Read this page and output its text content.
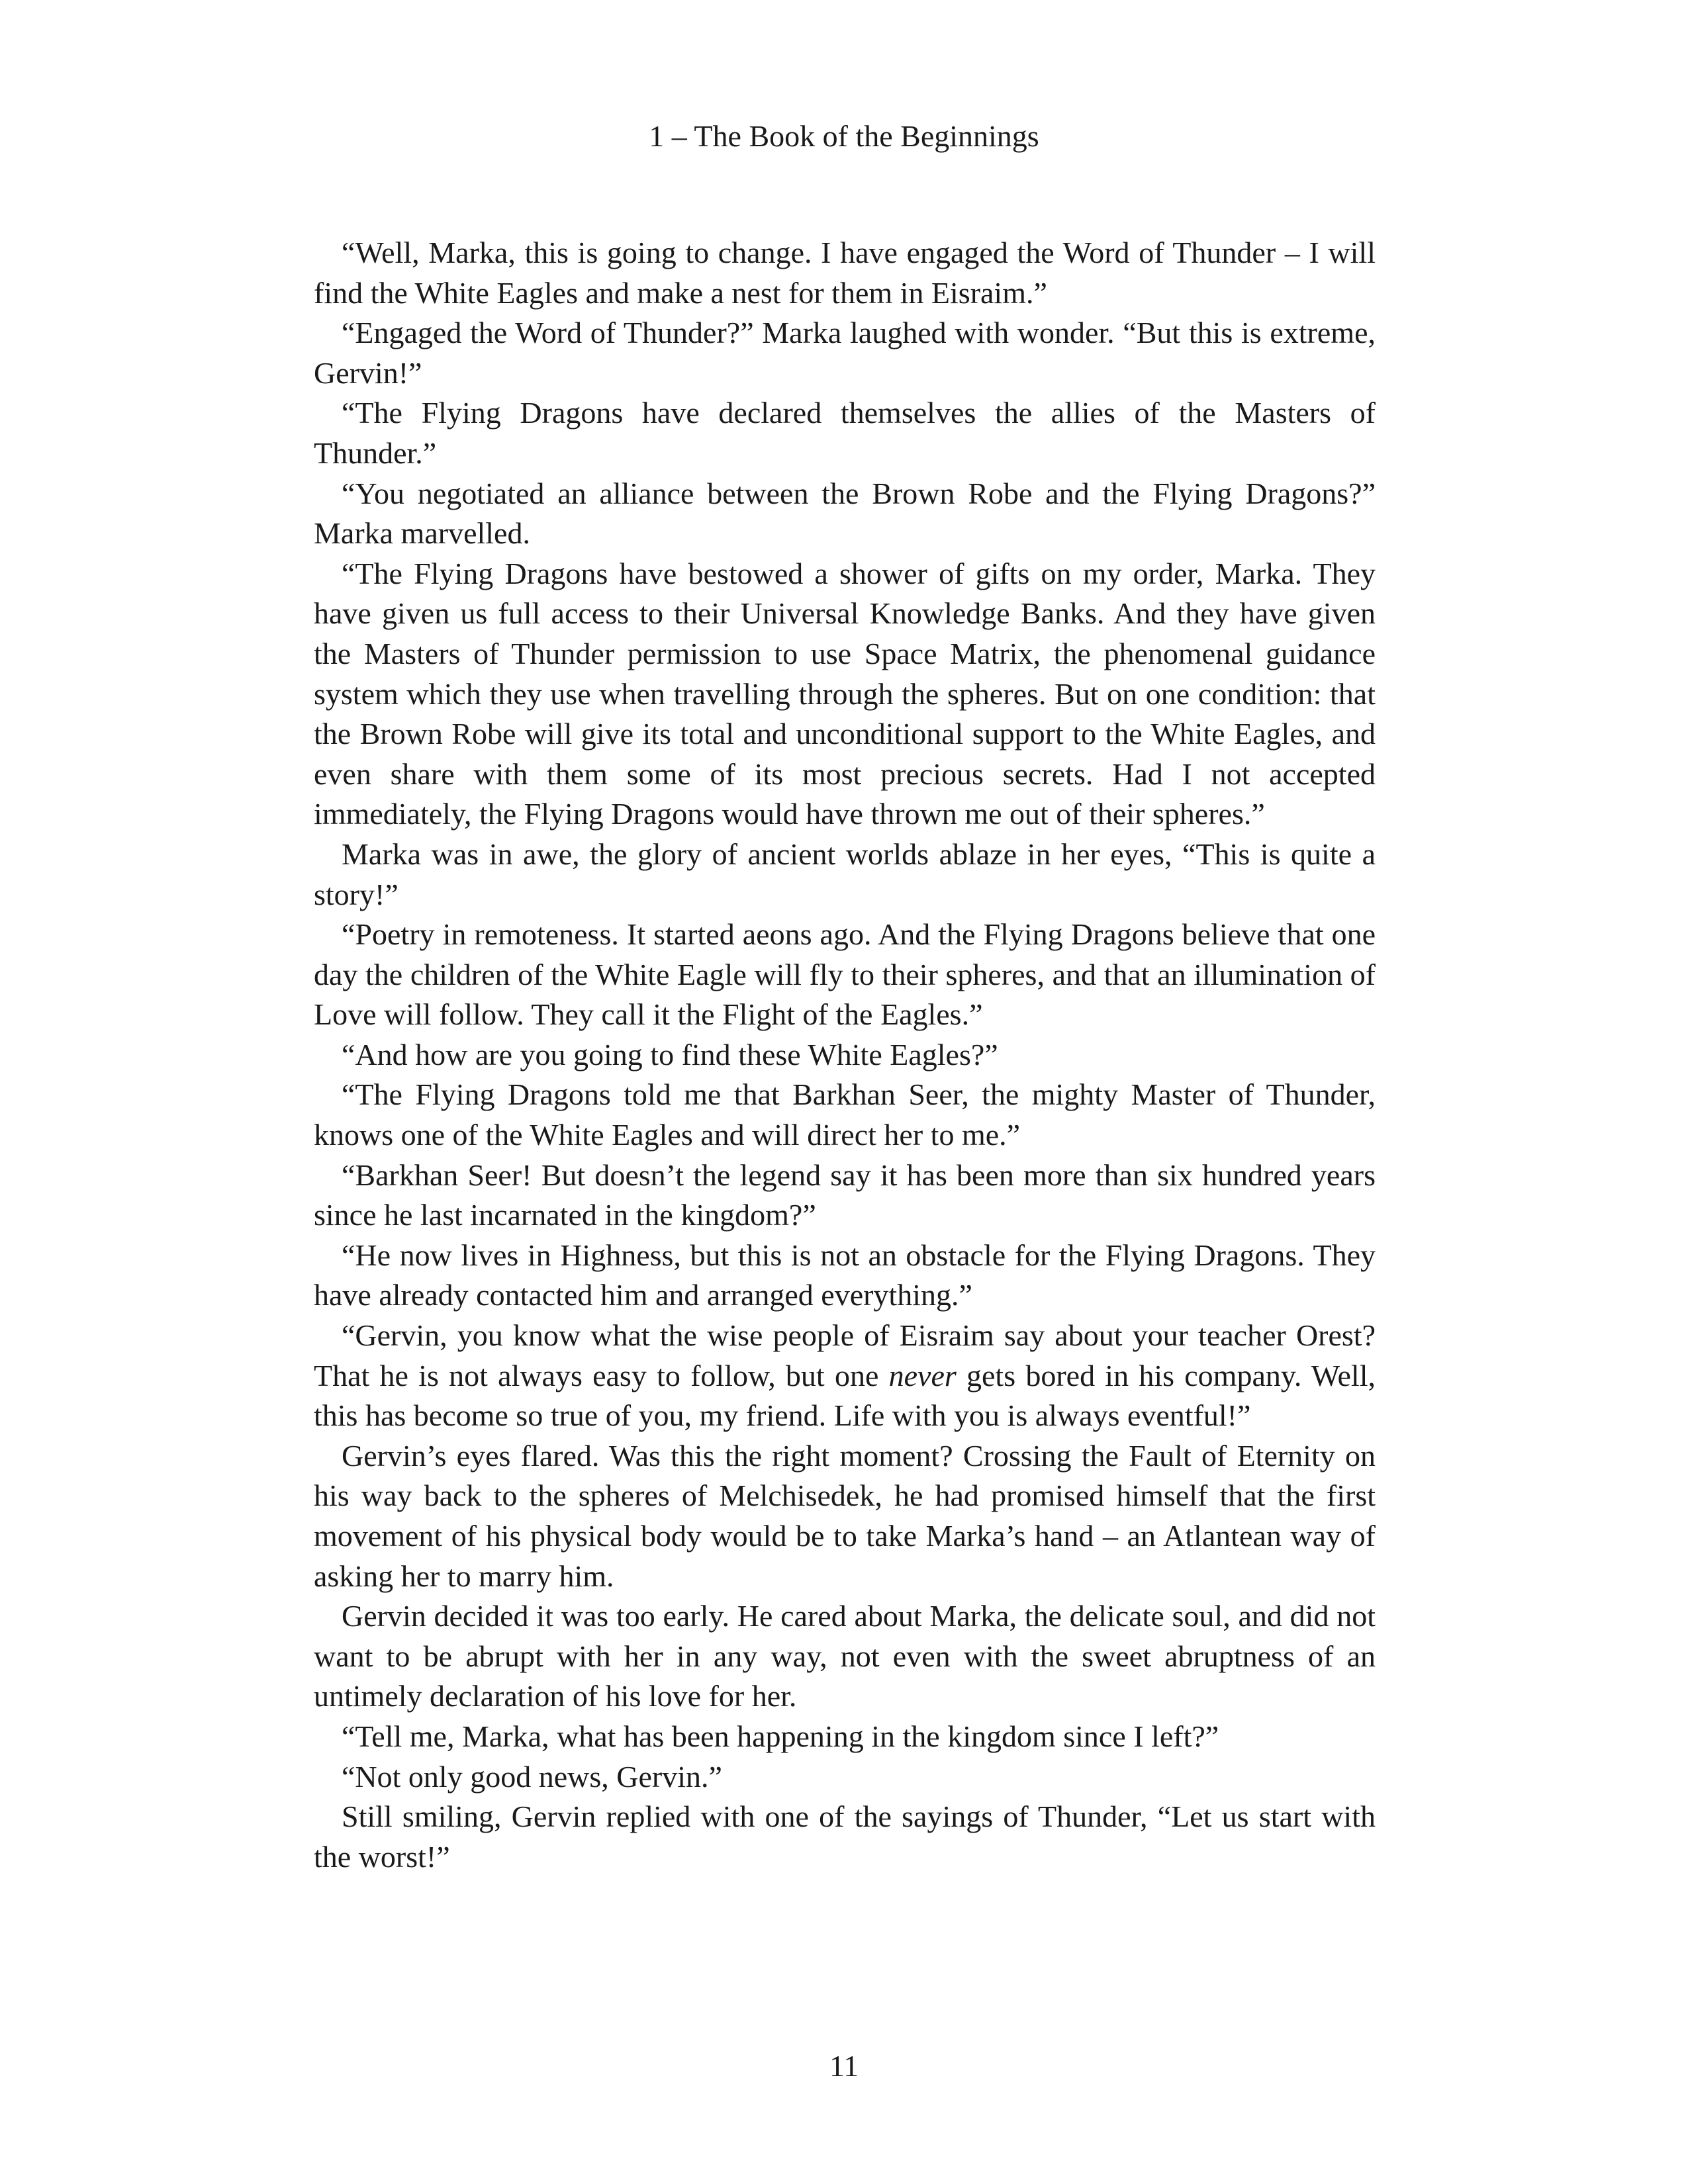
1 – The Book of the Beginnings

“Well, Marka, this is going to change. I have engaged the Word of Thunder – I will find the White Eagles and make a nest for them in Eisraim.”

“Engaged the Word of Thunder?” Marka laughed with wonder. “But this is extreme, Gervin!”

“The Flying Dragons have declared themselves the allies of the Masters of Thunder.”

“You negotiated an alliance between the Brown Robe and the Flying Dragons?” Marka marvelled.

“The Flying Dragons have bestowed a shower of gifts on my order, Marka. They have given us full access to their Universal Knowledge Banks. And they have given the Masters of Thunder permission to use Space Matrix, the phenomenal guidance system which they use when travelling through the spheres. But on one condition: that the Brown Robe will give its total and unconditional support to the White Eagles, and even share with them some of its most precious secrets. Had I not accepted immediately, the Flying Dragons would have thrown me out of their spheres.”

Marka was in awe, the glory of ancient worlds ablaze in her eyes, “This is quite a story!”

“Poetry in remoteness. It started aeons ago. And the Flying Dragons believe that one day the children of the White Eagle will fly to their spheres, and that an illumination of Love will follow. They call it the Flight of the Eagles.”

“And how are you going to find these White Eagles?”

“The Flying Dragons told me that Barkhan Seer, the mighty Master of Thunder, knows one of the White Eagles and will direct her to me.”

“Barkhan Seer! But doesn’t the legend say it has been more than six hundred years since he last incarnated in the kingdom?”

“He now lives in Highness, but this is not an obstacle for the Flying Dragons. They have already contacted him and arranged everything.”

“Gervin, you know what the wise people of Eisraim say about your teacher Orest? That he is not always easy to follow, but one never gets bored in his company. Well, this has become so true of you, my friend. Life with you is always eventful!”

Gervin’s eyes flared. Was this the right moment? Crossing the Fault of Eternity on his way back to the spheres of Melchisedek, he had promised himself that the first movement of his physical body would be to take Marka’s hand – an Atlantean way of asking her to marry him.

Gervin decided it was too early. He cared about Marka, the delicate soul, and did not want to be abrupt with her in any way, not even with the sweet abruptness of an untimely declaration of his love for her.

“Tell me, Marka, what has been happening in the kingdom since I left?”

“Not only good news, Gervin.”

Still smiling, Gervin replied with one of the sayings of Thunder, “Let us start with the worst!”

11
